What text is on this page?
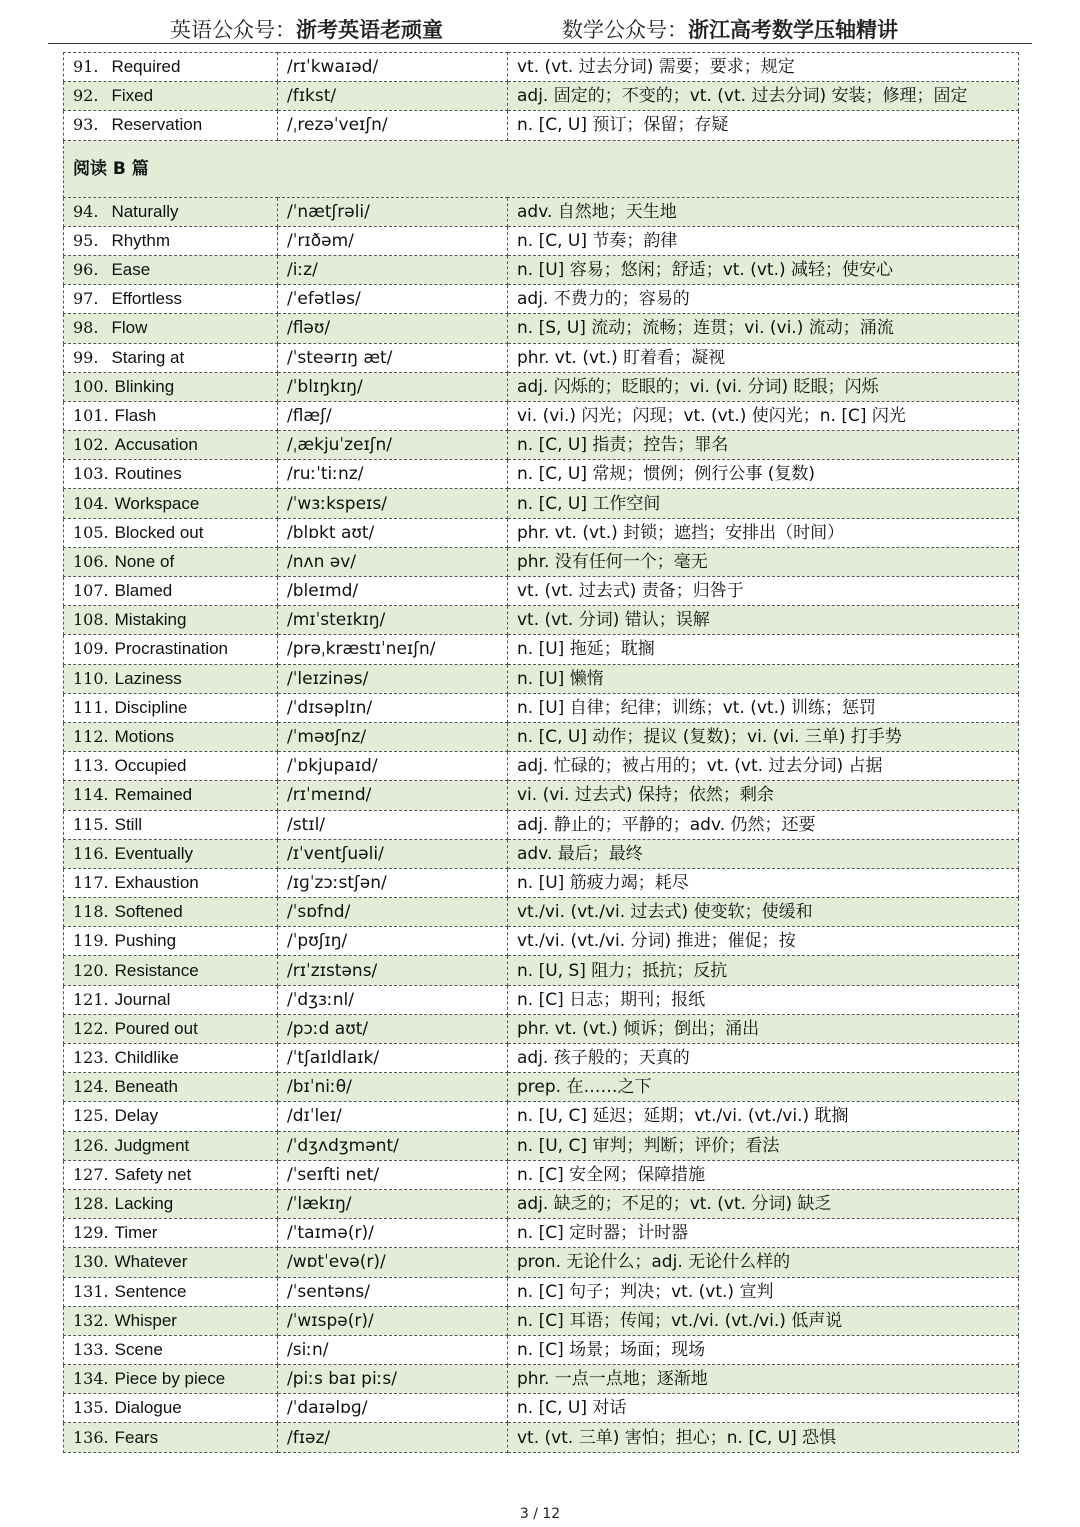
英语公众号：浙考英语老顽童	数学公众号：浙江高考数学压轴精讲
91. Required	/rɪˈkwaɪəd/	vt. (vt. 过去分词) 需要；要求；规定
92. Fixed	/fɪkst/	adj. 固定的；不变的；vt. (vt. 过去分词) 安装；修理；固定
93. Reservation	/ˌrezəˈveɪʃn/	n. [C, U] 预订；保留；存疑
阅读 B 篇		
94. Naturally	/ˈnætʃrəli/	adv. 自然地；天生地
95. Rhythm	/ˈrɪðəm/	n. [C, U] 节奏；韵律
96. Ease	/iːz/	n. [U] 容易；悠闲；舒适；vt. (vt.) 减轻；使安心
97. Effortless	/ˈefətləs/	adj. 不费力的；容易的
98. Flow	/fləʊ/	n. [S, U] 流动；流畅；连贯；vi. (vi.) 流动；涌流
99. Staring at	/ˈsteərɪŋ æt/	phr. vt. (vt.) 盯着看；凝视
100. Blinking	/ˈblɪŋkɪŋ/	adj. 闪烁的；眨眼的；vi. (vi. 分词) 眨眼；闪烁
101. Flash	/flæʃ/	vi. (vi.) 闪光；闪现；vt. (vt.) 使闪光；n. [C] 闪光
102. Accusation	/ˌækjuˈzeɪʃn/	n. [C, U] 指责；控告；罪名
103. Routines	/ruːˈtiːnz/	n. [C, U] 常规；惯例；例行公事 (复数)
104. Workspace	/ˈwɜːkspeɪs/	n. [C, U] 工作空间
105. Blocked out	/blɒkt aʊt/	phr. vt. (vt.) 封锁；遮挡；安排出（时间）
106. None of	/nʌn əv/	phr. 没有任何一个；毫无
107. Blamed	/bleɪmd/	vt. (vt. 过去式) 责备；归咎于
108. Mistaking	/mɪˈsteɪkɪŋ/	vt. (vt. 分词) 错认；误解
109. Procrastination	/prəˌkræstɪˈneɪʃn/	n. [U] 拖延；耽搁
110. Laziness	/ˈleɪzinəs/	n. [U] 懒惰
111. Discipline	/ˈdɪsəplɪn/	n. [U] 自律；纪律；训练；vt. (vt.) 训练；惩罚
112. Motions	/ˈməʊʃnz/	n. [C, U] 动作；提议 (复数)；vi. (vi. 三单) 打手势
113. Occupied	/ˈɒkjupaɪd/	adj. 忙碌的；被占用的；vt. (vt. 过去分词) 占据
114. Remained	/rɪˈmeɪnd/	vi. (vi. 过去式) 保持；依然；剩余
115. Still	/stɪl/	adj. 静止的；平静的；adv. 仍然；还要
116. Eventually	/ɪˈventʃuəli/	adv. 最后；最终
117. Exhaustion	/ɪɡˈzɔːstʃən/	n. [U] 筋疲力竭；耗尽
118. Softened	/ˈsɒfnd/	vt./vi. (vt./vi. 过去式) 使变软；使缓和
119. Pushing	/ˈpʊʃɪŋ/	vt./vi. (vt./vi. 分词) 推进；催促；按
120. Resistance	/rɪˈzɪstəns/	n. [U, S] 阻力；抵抗；反抗
121. Journal	/ˈdʒɜːnl/	n. [C] 日志；期刊；报纸
122. Poured out	/pɔːd aʊt/	phr. vt. (vt.) 倾诉；倒出；涌出
123. Childlike	/ˈtʃaɪldlaɪk/	adj. 孩子般的；天真的
124. Beneath	/bɪˈniːθ/	prep. 在……之下
125. Delay	/dɪˈleɪ/	n. [U, C] 延迟；延期；vt./vi. (vt./vi.) 耽搁
126. Judgment	/ˈdʒʌdʒmənt/	n. [U, C] 审判；判断；评价；看法
127. Safety net	/ˈseɪfti net/	n. [C] 安全网；保障措施
128. Lacking	/ˈlækɪŋ/	adj. 缺乏的；不足的；vt. (vt. 分词) 缺乏
129. Timer	/ˈtaɪmə(r)/	n. [C] 定时器；计时器
130. Whatever	/wɒtˈevə(r)/	pron. 无论什么；adj. 无论什么样的
131. Sentence	/ˈsentəns/	n. [C] 句子；判决；vt. (vt.) 宣判
132. Whisper	/ˈwɪspə(r)/	n. [C] 耳语；传闻；vt./vi. (vt./vi.) 低声说
133. Scene	/siːn/	n. [C] 场景；场面；现场
134. Piece by piece	/piːs baɪ piːs/	phr. 一点一点地；逐渐地
135. Dialogue	/ˈdaɪəlɒɡ/	n. [C, U] 对话
136. Fears	/fɪəz/	vt. (vt. 三单) 害怕；担心；n. [C, U] 恐惧
3 / 12
